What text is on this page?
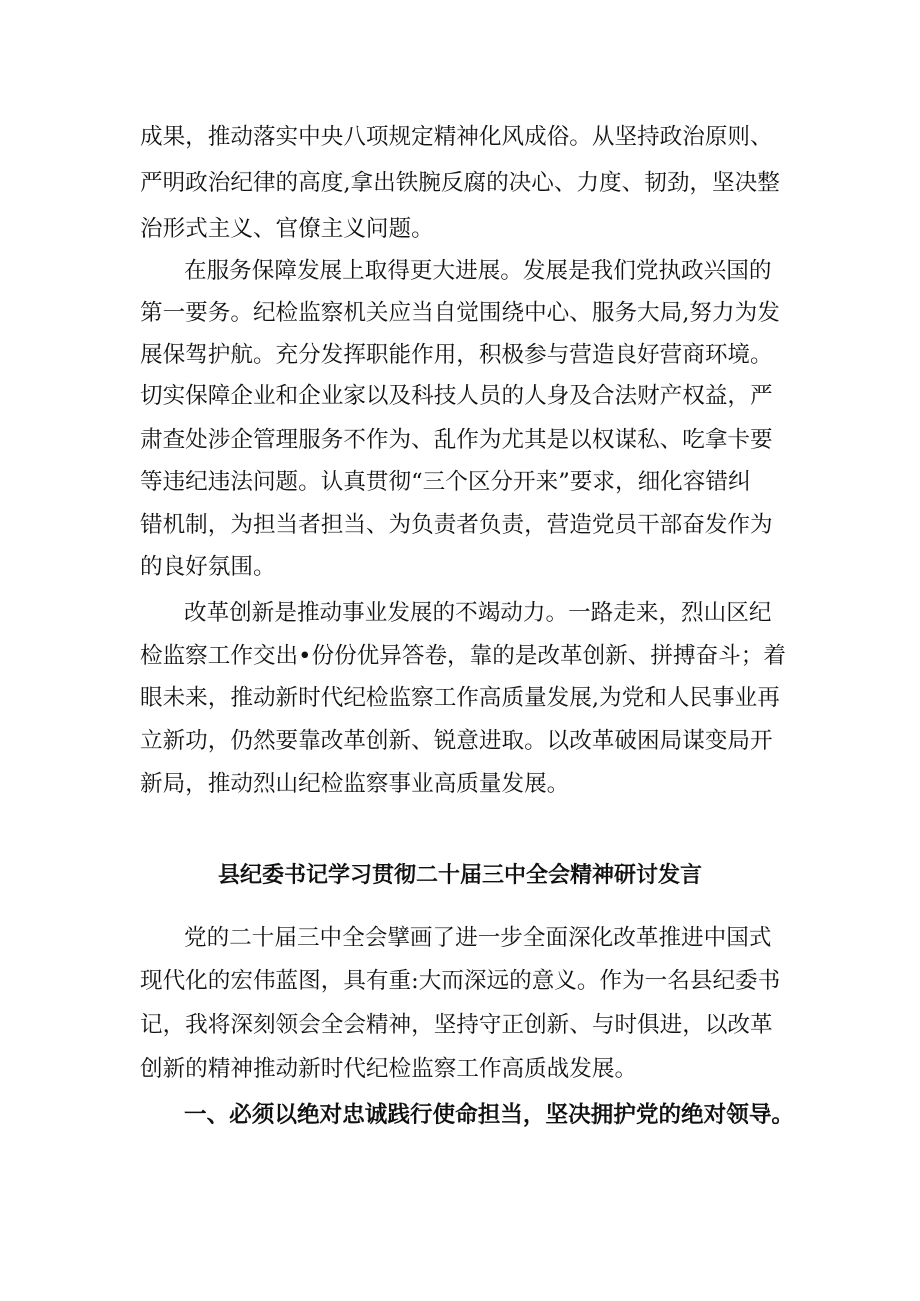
成果，推动落实中央八项规定精神化风成俗。从坚持政治原则、
严明政治纪律的高度,拿出铁腕反腐的决心、力度、韧劲，坚决整
治形式主义、官僚主义问题。
在服务保障发展上取得更大进展。发展是我们党执政兴国的
第一要务。纪检监察机关应当自觉围绕中心、服务大局,努力为发
展保驾护航。充分发挥职能作用，积极参与营造良好营商环境。
切实保障企业和企业家以及科技人员的人身及合法财产权益，严
肃查处涉企管理服务不作为、乱作为尤其是以权谋私、吃拿卡要
等违纪违法问题。认真贯彻“三个区分开来”要求，细化容错纠
错机制，为担当者担当、为负责者负责，营造党员干部奋发作为
的良好氛围。
改革创新是推动事业发展的不竭动力。一路走来，烈山区纪
检监察工作交出•份份优异答卷，靠的是改革创新、拼搏奋斗；着
眼未来，推动新时代纪检监察工作高质量发展,为党和人民事业再
立新功，仍然要靠改革创新、锐意进取。以改革破困局谋变局开
新局，推动烈山纪检监察事业高质量发展。
县纪委书记学习贯彻二十届三中全会精神研讨发言
党的二十届三中全会擘画了进一步全面深化改革推进中国式
现代化的宏伟蓝图，具有重:大而深远的意义。作为一名县纪委书
记，我将深刻领会全会精神，坚持守正创新、与时俱进，以改革
创新的精神推动新时代纪检监察工作高质战发展。
一、必须以绝对忠诚践行使命担当，坚决拥护党的绝对领导。
